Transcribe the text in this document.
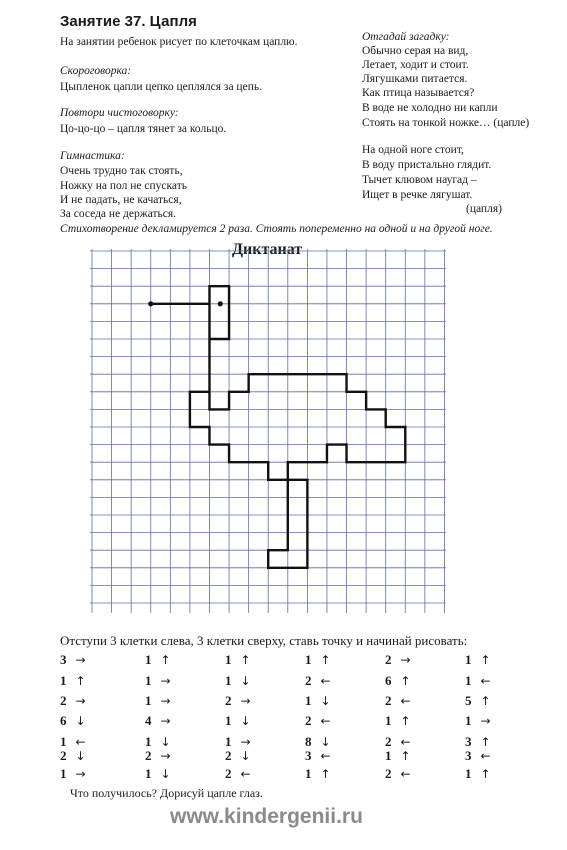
Занятие 37. Цапля
На занятии ребенок рисует по клеточкам цаплю.
Скороговорка:
Цыпленок цапли цепко цеплялся за цепь.
Повтори чистоговорку:
Цо-цо-цо – цапля тянет за кольцо.
Гимнастика:
Очень трудно так стоять,
Ножку на пол не спускать
И не падать, не качаться,
За соседа не держаться.
Стихотворение декламируется 2 раза. Стоять попеременно на одной и на другой ноге.
Отгадай загадку:
Обычно серая на вид,
Летает, ходит и стоит.
Лягушками питается.
Как птица называется?
В воде не холодно ни капли
Стоять на тонкой ножке… (цапле)
На одной ноге стоит,
В воду пристально глядит.
Тычет клювом наугад –
Ищет в речке лягушат.
(цапля)
Диктанат
Отступи 3 клетки слева, 3 клетки сверху, ставь точку и начинай рисовать:
3 →	1 ↑	1 ↑	1 ↑	2 →	1 ↑
1 ↑	1 →	1 ↓	2 ←	6 ↑	1 ←
2 →	1 →	2 →	1 ↓	2 ←	5 ↑
6 ↓	4 →	1 ↓	2 ←	1 ↑	1 →
1 ←	1 ↓	1 →	8 ↓	2 ←	3 ↑
2 ↓	2 →	2 ↓	3 ←	1 ↑	3 ←
1 →	1 ↓	2 ←	1 ↑	2 ←	1 ↑
Что получилось? Дорисуй цапле глаз.
www.kindergenii.ru
